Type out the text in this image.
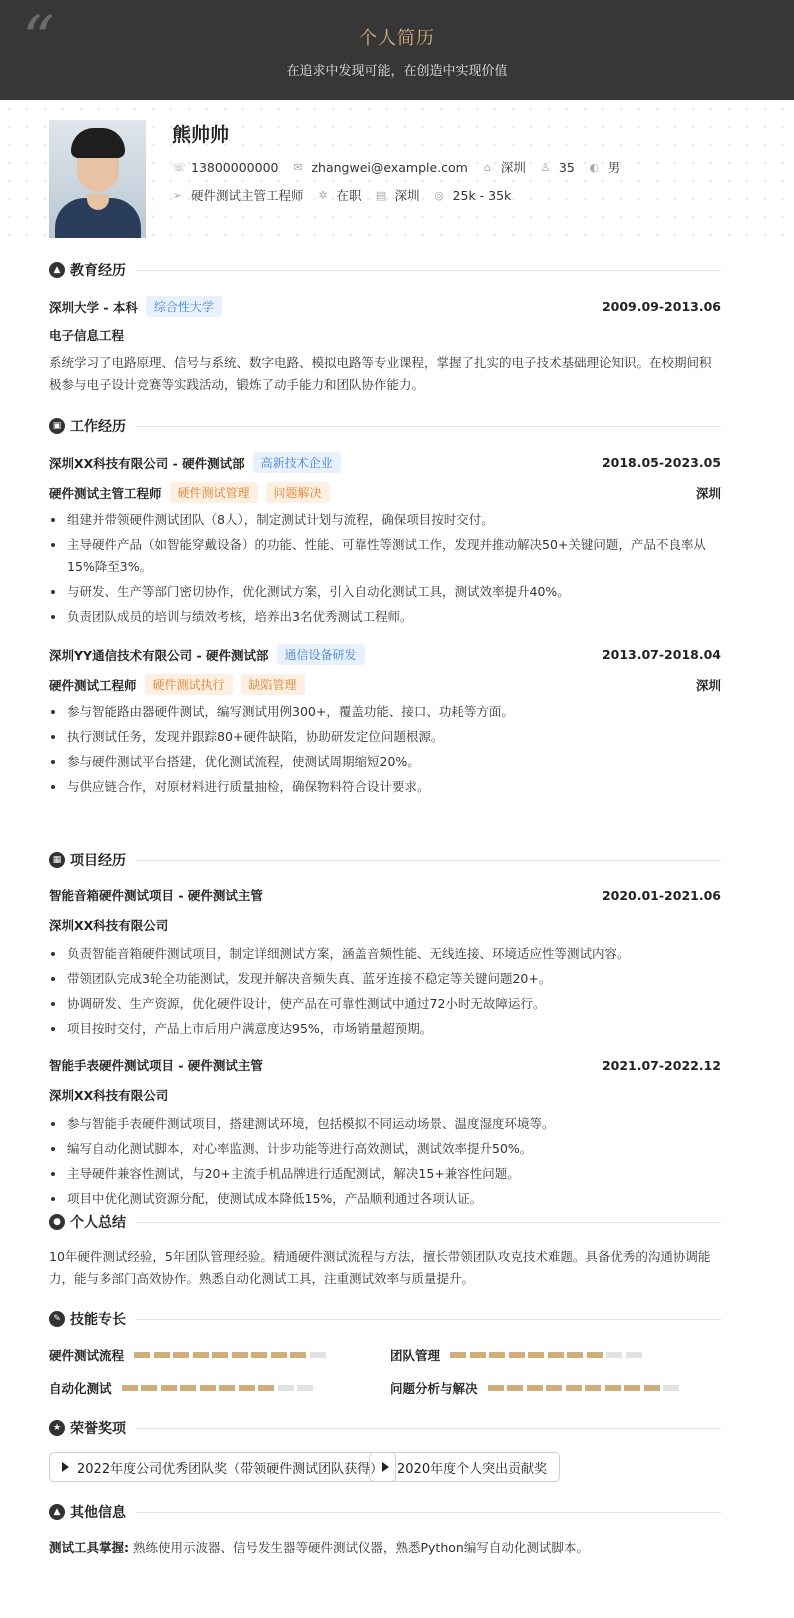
“	个人简历
在追求中发现可能，在创造中实现价值
熊帅帅
☏ 13800000000 ✉ zhangwei@example.com ⌂ 深圳 ♙ 35 ◐ 男
➢ 硬件测试主管工程师 ✲ 在职 ▤ 深圳 ◎ 25k - 35k
▲ 教育经历
深圳大学 - 本科	综合性大学	2009.09-2013.06
电子信息工程
系统学习了电路原理、信号与系统、数字电路、模拟电路等专业课程，掌握了扎实的电子技术基础理论知识。在校期间积极参与电子设计竞赛等实践活动，锻炼了动手能力和团队协作能力。
▣ 工作经历
深圳XX科技有限公司 - 硬件测试部	高新技术企业	2018.05-2023.05
硬件测试主管工程师	硬件测试管理	问题解决	深圳
组建并带领硬件测试团队（8人），制定测试计划与流程，确保项目按时交付。
主导硬件产品（如智能穿戴设备）的功能、性能、可靠性等测试工作，发现并推动解决50+关键问题，产品不良率从15%降至3%。
与研发、生产等部门密切协作，优化测试方案，引入自动化测试工具，测试效率提升40%。
负责团队成员的培训与绩效考核，培养出3名优秀测试工程师。
深圳YY通信技术有限公司 - 硬件测试部	通信设备研发	2013.07-2018.04
硬件测试工程师	硬件测试执行	缺陷管理	深圳
参与智能路由器硬件测试，编写测试用例300+，覆盖功能、接口、功耗等方面。
执行测试任务，发现并跟踪80+硬件缺陷，协助研发定位问题根源。
参与硬件测试平台搭建，优化测试流程，使测试周期缩短20%。
与供应链合作，对原材料进行质量抽检，确保物料符合设计要求。
▦ 项目经历
智能音箱硬件测试项目 - 硬件测试主管	2020.01-2021.06
深圳XX科技有限公司
负责智能音箱硬件测试项目，制定详细测试方案，涵盖音频性能、无线连接、环境适应性等测试内容。
带领团队完成3轮全功能测试，发现并解决音频失真、蓝牙连接不稳定等关键问题20+。
协调研发、生产资源，优化硬件设计，使产品在可靠性测试中通过72小时无故障运行。
项目按时交付，产品上市后用户满意度达95%，市场销量超预期。
智能手表硬件测试项目 - 硬件测试主管	2021.07-2022.12
深圳XX科技有限公司
参与智能手表硬件测试项目，搭建测试环境，包括模拟不同运动场景、温度湿度环境等。
编写自动化测试脚本，对心率监测、计步功能等进行高效测试，测试效率提升50%。
主导硬件兼容性测试，与20+主流手机品牌进行适配测试，解决15+兼容性问题。
项目中优化测试资源分配，使测试成本降低15%，产品顺利通过各项认证。
● 个人总结
10年硬件测试经验，5年团队管理经验。精通硬件测试流程与方法，擅长带领团队攻克技术难题。具备优秀的沟通协调能力，能与多部门高效协作。熟悉自动化测试工具，注重测试效率与质量提升。
✎ 技能专长
硬件测试流程	团队管理
自动化测试	问题分析与解决
★ 荣誉奖项
2022年度公司优秀团队奖（带领硬件测试团队获得） 2020年度个人突出贡献奖
▲ 其他信息
测试工具掌握: 熟练使用示波器、信号发生器等硬件测试仪器，熟悉Python编写自动化测试脚本。
